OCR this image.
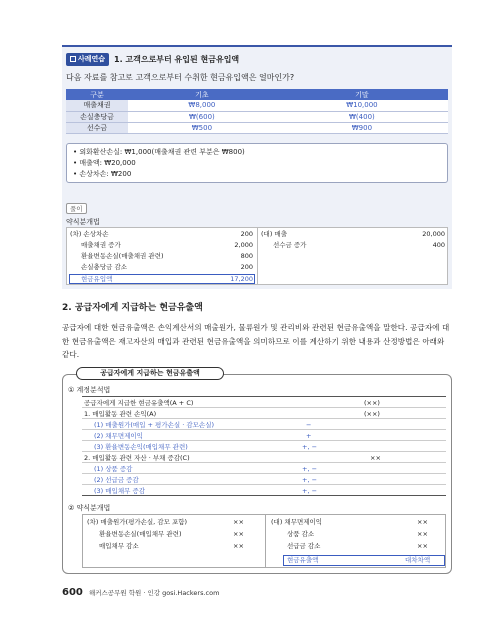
사례연습	1. 고객으로부터 유입된 현금유입액
다음 자료를 참고로 고객으로부터 수취한 현금유입액은 얼마인가?
구분	기초	기말
매출채권	₩8,000	₩10,000
손실충당금	₩(600)	₩(400)
선수금	₩500	₩900
• 외화환산손실: ₩1,000(매출채권 관련 부분은 ₩800)
• 매출액: ₩20,000
• 손상차손: ₩200
풀이
약식분개법
(차) 손상차손	200
매출채권 증가	2,000
환율변동손실(매출채권 관련)	800
손실충당금 감소	200
현금유입액	17,200
(대) 매출	20,000
선수금 증가	400
2. 공급자에게 지급하는 현금유출액
공급자에 대한 현금유출액은 손익계산서의 매출원가, 물류원가 및 관리비와 관련된 현금유출액을 말한다. 공급자에 대한 현금유출액은 재고자산의 매입과 관련된 현금유출액을 의미하므로 이를 계산하기 위한 내용과 산정방법은 아래와 같다.
공급자에게 지급하는 현금유출액
① 계정분석법
공급자에게 지급한 현금유출액(A + C)	(××)
1. 매입활동 관련 손익(A)	(××)
(1) 매출원가(매입 + 평가손실 · 감모손실)	−
(2) 채무면제이익	+
(3) 환율변동손익(매입채무 관련)	+, −
2. 매입활동 관련 자산 · 부채 증감(C)	××
(1) 상품 증감	+, −
(2) 선급금 증감	+, −
(3) 매입채무 증감	+, −
② 약식분개법
(차) 매출원가(평가손실, 감모 포함)	××
환율변동손실(매입채무 관련)	××
매입채무 감소	××
(대) 채무면제이익	××
상품 감소	××
선급금 감소	××
현금유출액	대차차액
600 해커스공무원 학원 · 인강 gosi.Hackers.com
